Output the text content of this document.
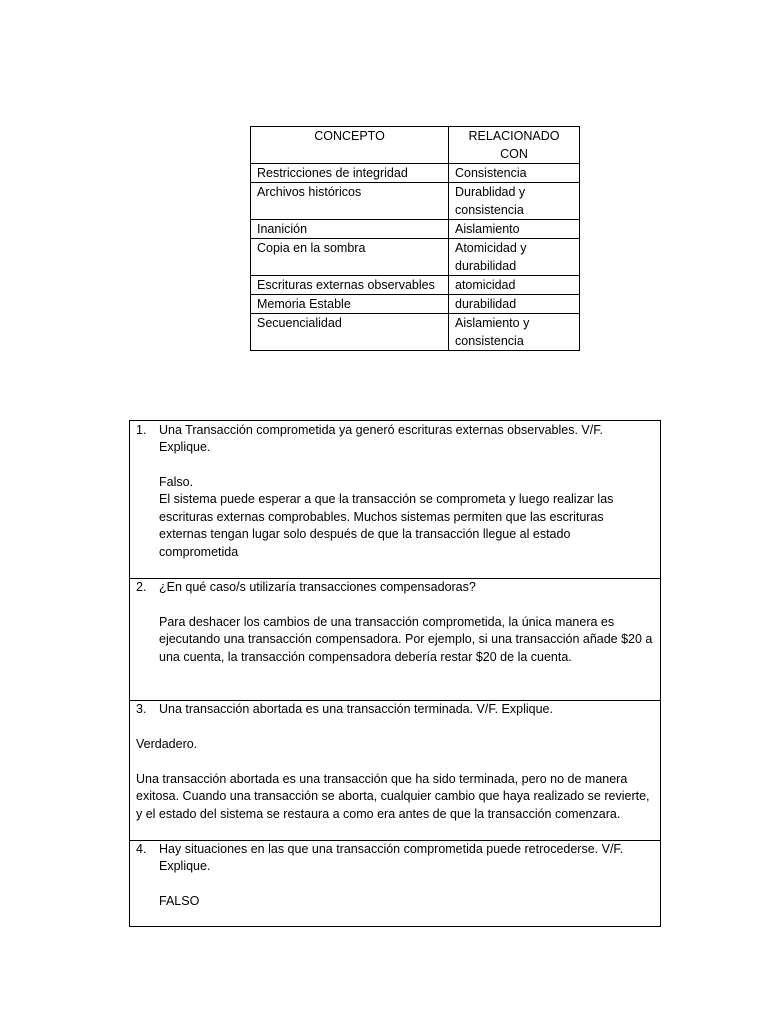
CONCEPTO	RELACIONADO CON
Restricciones de integridad	Consistencia
Archivos históricos	Durablidad y consistencia
Inanición	Aislamiento
Copia en la sombra	Atomicidad y durabilidad
Escrituras externas observables	atomicidad
Memoria Estable	durabilidad
Secuencialidad	Aislamiento y consistencia
1. Una Transacción comprometida ya generó escrituras externas observables. V/F.
Explique.
Falso.
El sistema puede esperar a que la transacción se comprometa y luego realizar las
escrituras externas comprobables. Muchos sistemas permiten que las escrituras
externas tengan lugar solo después de que la transacción llegue al estado
comprometida
2. ¿En qué caso/s utilizaría transacciones compensadoras?
Para deshacer los cambios de una transacción comprometida, la única manera es
ejecutando una transacción compensadora. Por ejemplo, si una transacción añade $20 a
una cuenta, la transacción compensadora debería restar $20 de la cuenta.
3. Una transacción abortada es una transacción terminada. V/F. Explique.
Verdadero.
Una transacción abortada es una transacción que ha sido terminada, pero no de manera
exitosa. Cuando una transacción se aborta, cualquier cambio que haya realizado se revierte,
y el estado del sistema se restaura a como era antes de que la transacción comenzara.
4. Hay situaciones en las que una transacción comprometida puede retrocederse. V/F.
Explique.
FALSO
